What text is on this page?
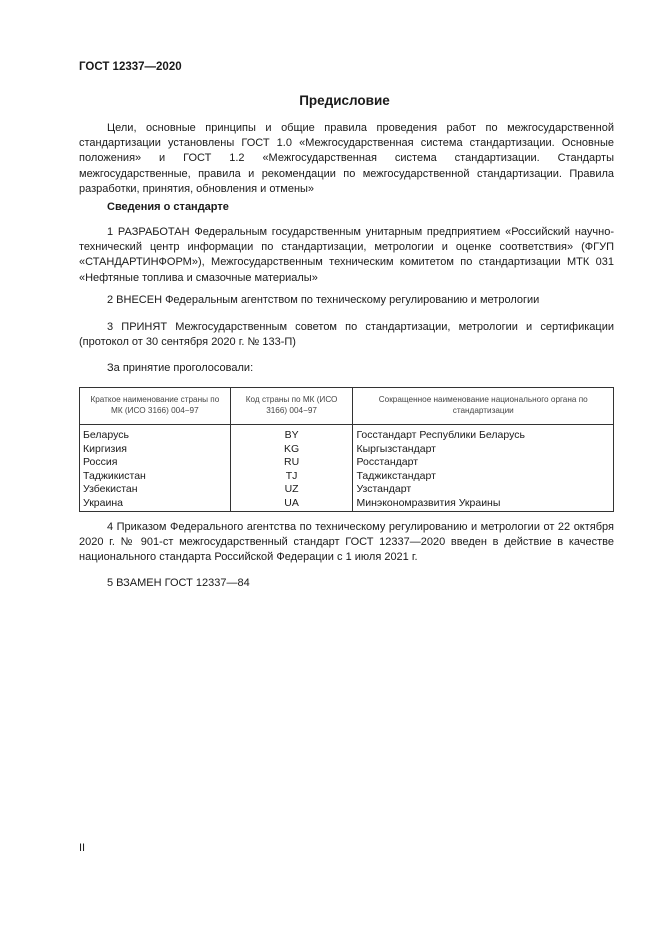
ГОСТ 12337—2020
Предисловие

Цели, основные принципы и общие правила проведения работ по межгосударственной стандартизации установлены ГОСТ 1.0 «Межгосударственная система стандартизации. Основные положения» и ГОСТ 1.2 «Межгосударственная система стандартизации. Стандарты межгосударственные, правила и рекомендации по межгосударственной стандартизации. Правила разработки, принятия, обновления и отмены»

Сведения о стандарте

1 РАЗРАБОТАН Федеральным государственным унитарным предприятием «Российский научно-технический центр информации по стандартизации, метрологии и оценке соответствия» (ФГУП «СТАНДАРТИНФОРМ»), Межгосударственным техническим комитетом по стандартизации МТК 031 «Нефтяные топлива и смазочные материалы»

2 ВНЕСЕН Федеральным агентством по техническому регулированию и метрологии

3 ПРИНЯТ Межгосударственным советом по стандартизации, метрологии и сертификации (протокол от 30 сентября 2020 г. № 133-П)

За принятие проголосовали:
Краткое наименование страны по МК (ИСО 3166) 004−97	Код страны по МК (ИСО 3166) 004−97	Сокращенное наименование национального органа по стандартизации
Беларусь	BY	Госстандарт Республики Беларусь
Киргизия	KG	Кыргызстандарт
Россия	RU	Росстандарт
Таджикистан	TJ	Таджикстандарт
Узбекистан	UZ	Узстандарт
Украина	UA	Минэкономразвития Украины

4 Приказом Федерального агентства по техническому регулированию и метрологии от 22 октября 2020 г. № 901-ст межгосударственный стандарт ГОСТ 12337—2020 введен в действие в качестве национального стандарта Российской Федерации с 1 июля 2021 г.

5 ВЗАМЕН ГОСТ 12337—84

II
